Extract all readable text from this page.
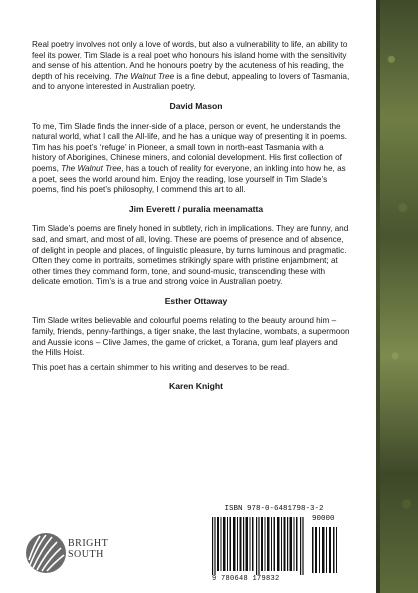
Real poetry involves not only a love of words, but also a vulnerability to life, an ability to feel its power. Tim Slade is a real poet who honours his island home with the sensitivity and sense of his attention. And he honours poetry by the acuteness of his reading, the depth of his receiving. The Walnut Tree is a fine debut, appealing to lovers of Tasmania, and to anyone interested in Australian poetry.

David Mason

To me, Tim Slade finds the inner-side of a place, person or event, he understands the natural world, what I call the All-life, and he has a unique way of presenting it in poems. Tim has his poet’s ‘refuge’ in Pioneer, a small town in north-east Tasmania with a history of Aborigines, Chinese miners, and colonial development. His first collection of poems, The Walnut Tree, has a touch of reality for everyone, an inkling into how he, as a poet, sees the world around him. Enjoy the reading, lose yourself in Tim Slade’s poems, find his poet’s philosophy, I commend this art to all.

Jim Everett / puralia meenamatta

Tim Slade’s poems are finely honed in subtlety, rich in implications. They are funny, and sad, and smart, and most of all, loving. These are poems of presence and of absence, of delight in people and places, of linguistic pleasure, by turns luminous and pragmatic. Often they come in portraits, sometimes strikingly spare with pristine enjambment; at other times they command form, tone, and sound-music, transcending these with delicate emotion. Tim’s is a true and strong voice in Australian poetry.

Esther Ottaway

Tim Slade writes believable and colourful poems relating to the beauty around him – family, friends, penny-farthings, a tiger snake, the last thylacine, wombats, a supermoon and Aussie icons – Clive James, the game of cricket, a Torana, gum leaf players and the Hills Hoist.

This poet has a certain shimmer to his writing and deserves to be read.

Karen Knight

BRIGHT
SOUTH
ISBN 978-0-6481798-3-2
90000
9 780648 179832
